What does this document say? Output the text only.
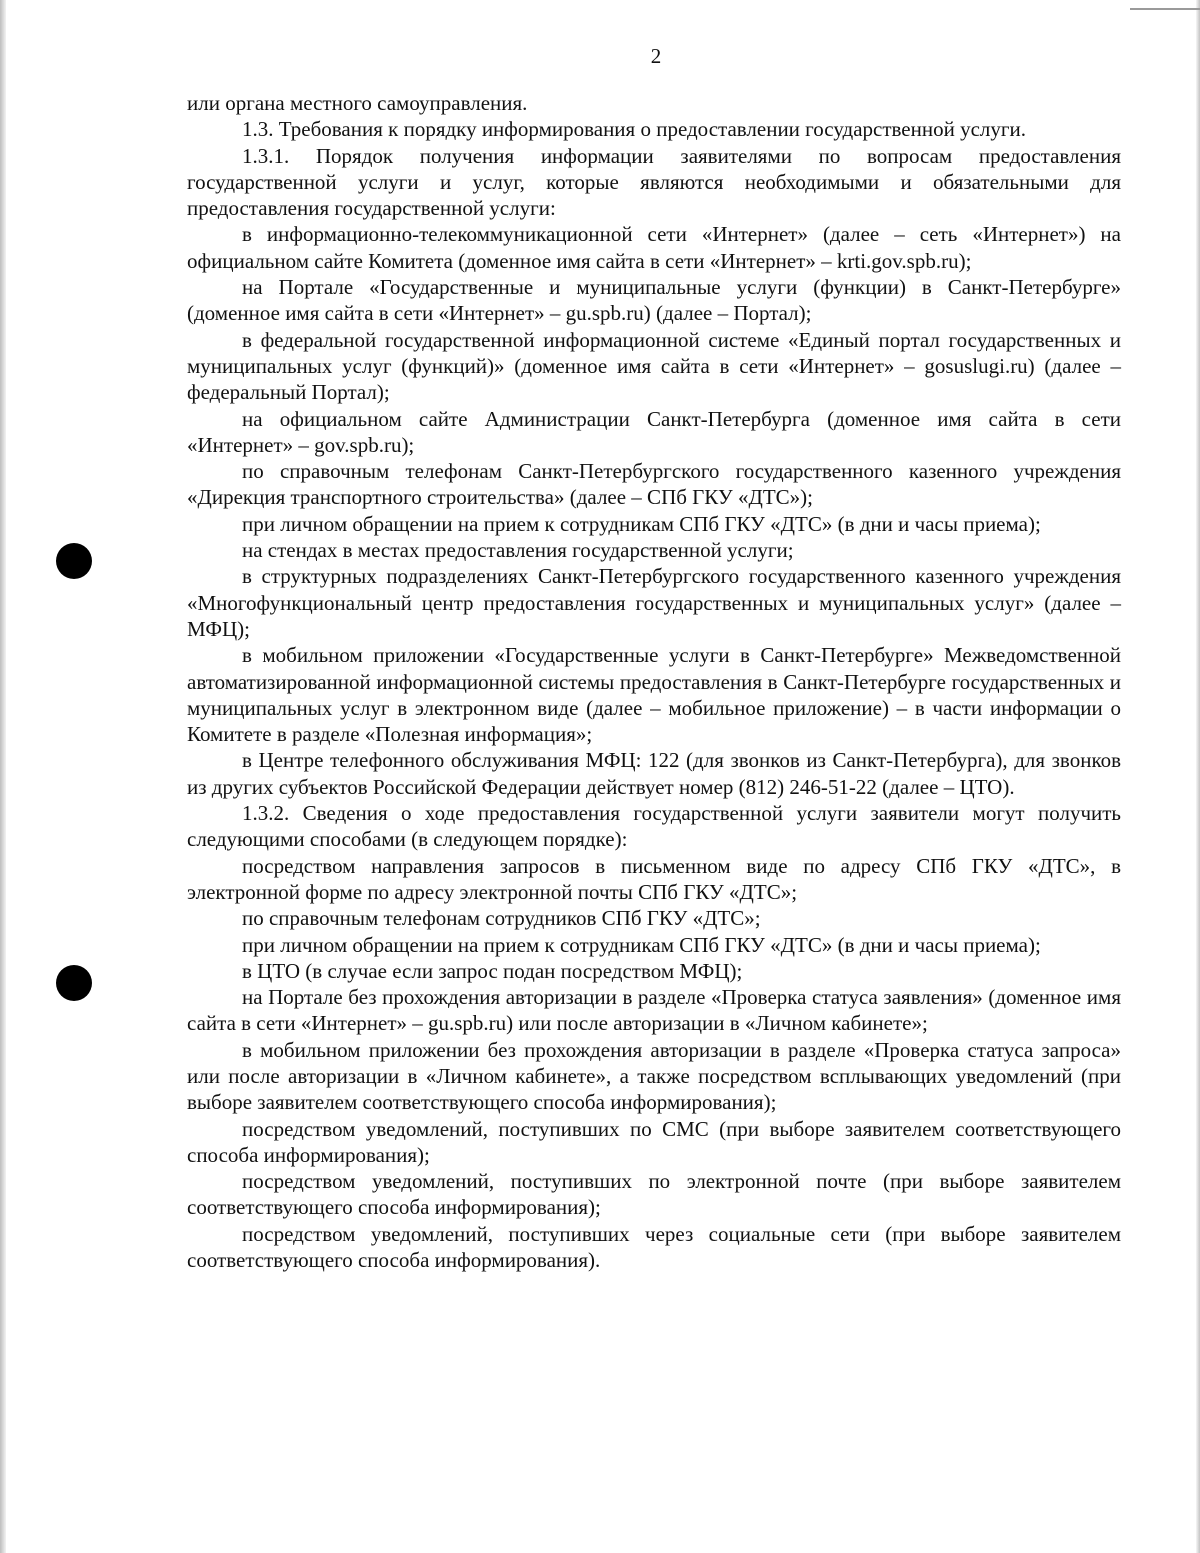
2

или органа местного самоуправления.

1.3. Требования к порядку информирования о предоставлении государственной услуги.

1.3.1. Порядок получения информации заявителями по вопросам предоставления государственной услуги и услуг, которые являются необходимыми и обязательными для предоставления государственной услуги:

в информационно-телекоммуникационной сети «Интернет» (далее – сеть «Интернет») на официальном сайте Комитета (доменное имя сайта в сети «Интернет» – krti.gov.spb.ru);

на Портале «Государственные и муниципальные услуги (функции) в Санкт-Петербурге» (доменное имя сайта в сети «Интернет» – gu.spb.ru) (далее – Портал);

в федеральной государственной информационной системе «Единый портал государственных и муниципальных услуг (функций)» (доменное имя сайта в сети «Интернет» – gosuslugi.ru) (далее – федеральный Портал);

на официальном сайте Администрации Санкт-Петербурга (доменное имя сайта в сети «Интернет» – gov.spb.ru);

по справочным телефонам Санкт-Петербургского государственного казенного учреждения «Дирекция транспортного строительства» (далее – СПб ГКУ «ДТС»);

при личном обращении на прием к сотрудникам СПб ГКУ «ДТС» (в дни и часы приема);

на стендах в местах предоставления государственной услуги;

в структурных подразделениях Санкт-Петербургского государственного казенного учреждения «Многофункциональный центр предоставления государственных и муниципальных услуг» (далее – МФЦ);

в мобильном приложении «Государственные услуги в Санкт-Петербурге» Межведомственной автоматизированной информационной системы предоставления в Санкт-Петербурге государственных и муниципальных услуг в электронном виде (далее – мобильное приложение) – в части информации о Комитете в разделе «Полезная информация»;

в Центре телефонного обслуживания МФЦ: 122 (для звонков из Санкт-Петербурга), для звонков из других субъектов Российской Федерации действует номер (812) 246-51-22 (далее – ЦТО).

1.3.2. Сведения о ходе предоставления государственной услуги заявители могут получить следующими способами (в следующем порядке):

посредством направления запросов в письменном виде по адресу СПб ГКУ «ДТС», в электронной форме по адресу электронной почты СПб ГКУ «ДТС»;

по справочным телефонам сотрудников СПб ГКУ «ДТС»;

при личном обращении на прием к сотрудникам СПб ГКУ «ДТС» (в дни и часы приема);

в ЦТО (в случае если запрос подан посредством МФЦ);

на Портале без прохождения авторизации в разделе «Проверка статуса заявления» (доменное имя сайта в сети «Интернет» – gu.spb.ru) или после авторизации в «Личном кабинете»;

в мобильном приложении без прохождения авторизации в разделе «Проверка статуса запроса» или после авторизации в «Личном кабинете», а также посредством всплывающих уведомлений (при выборе заявителем соответствующего способа информирования);

посредством уведомлений, поступивших по СМС (при выборе заявителем соответствующего способа информирования);

посредством уведомлений, поступивших по электронной почте (при выборе заявителем соответствующего способа информирования);

посредством уведомлений, поступивших через социальные сети (при выборе заявителем соответствующего способа информирования).
